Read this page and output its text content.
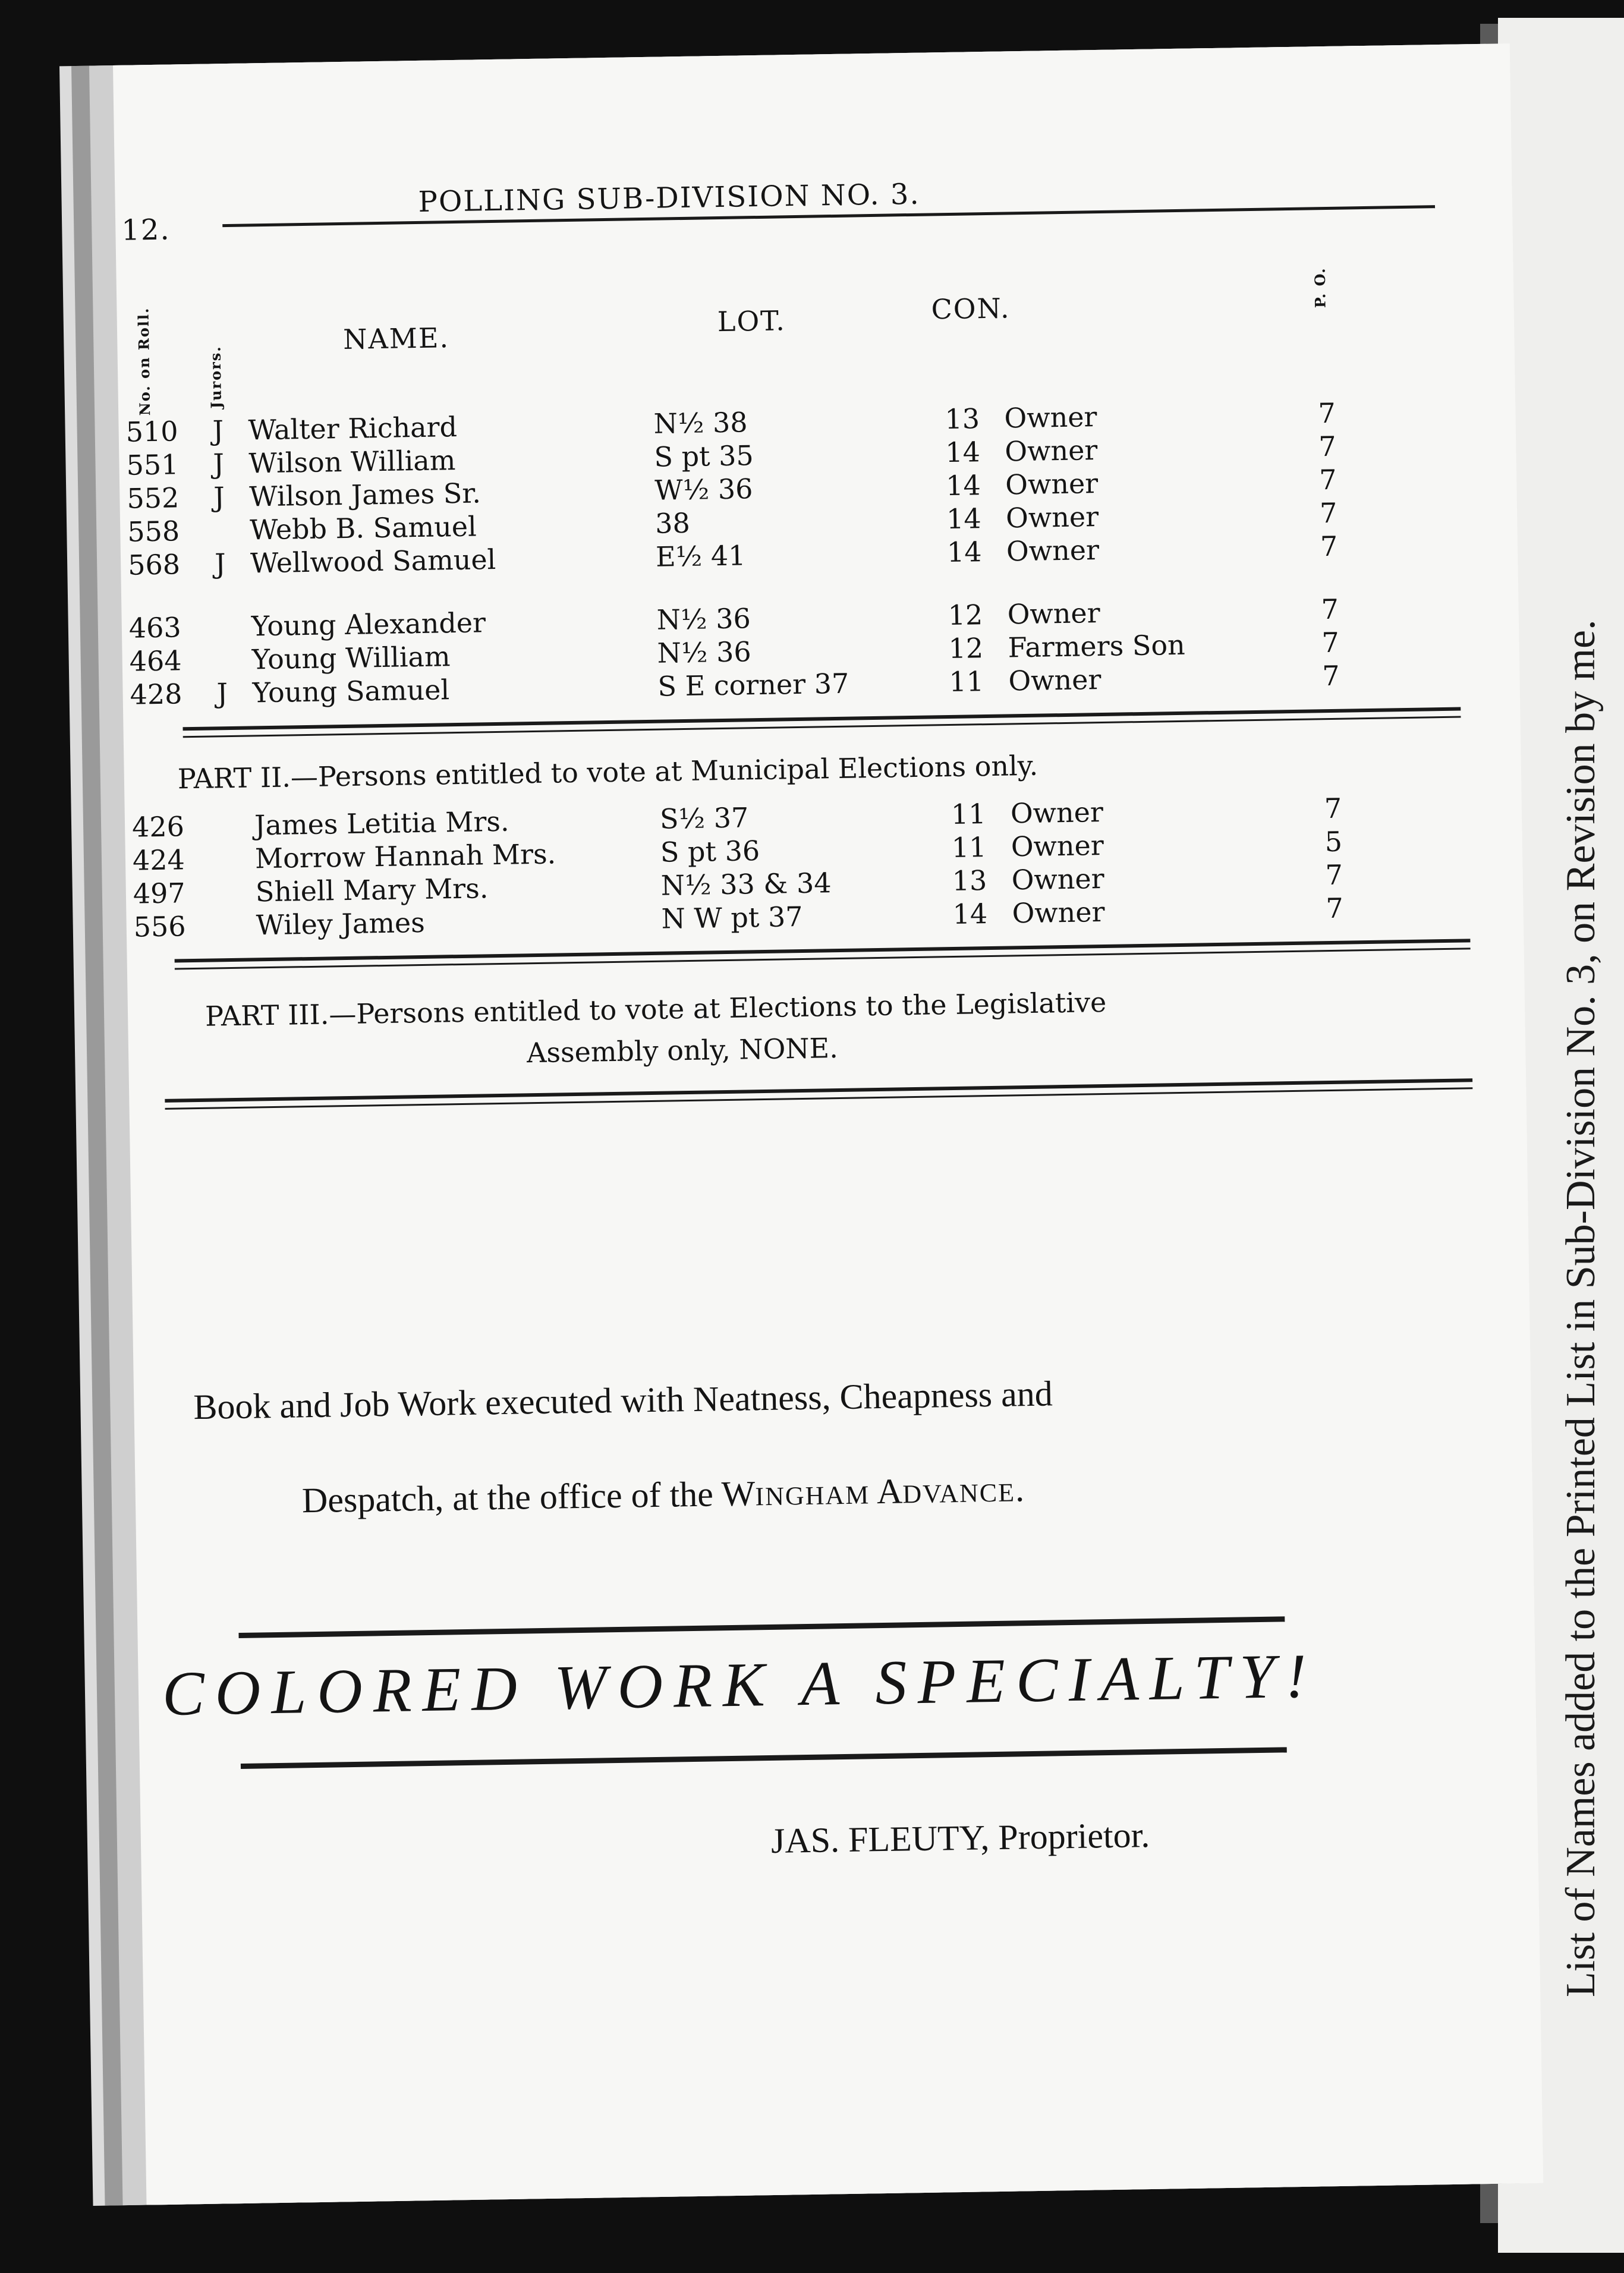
List of Names added to the Printed List in Sub-Division No. 3, on Revision by me.
12.
POLLING SUB-DIVISION NO. 3.
No. on Roll.	Jurors.
NAME.
LOT.	CON.
P. O.
510 J Walter Richard	N½ 38	13 Owner	7
551 J Wilson William	S pt 35	14 Owner	7
552 J Wilson James Sr.	W½ 36	14 Owner	7
558	Webb B. Samuel	38	14 Owner	7
568 J Wellwood Samuel	E½ 41	14 Owner	7
463	Young Alexander	N½ 36	12 Owner	7
464	Young William	N½ 36	12 Farmers Son	7
428 J Young Samuel	S E corner 37	11 Owner	7
PART II.—Persons entitled to vote at Municipal Elections only.
426	James Letitia Mrs.	S½ 37	11 Owner	7
424	Morrow Hannah Mrs.	S pt 36	11 Owner	5
497	Shiell Mary Mrs.	N½ 33 & 34	13 Owner	7
556	Wiley James	N W pt 37	14 Owner	7
PART III.—Persons entitled to vote at Elections to the Legislative
Assembly only, NONE.
Book and Job Work executed with Neatness, Cheapness and
Despatch, at the office of the WINGHAM ADVANCE.
COLORED WORK A SPECIALTY!
JAS. FLEUTY, Proprietor.
